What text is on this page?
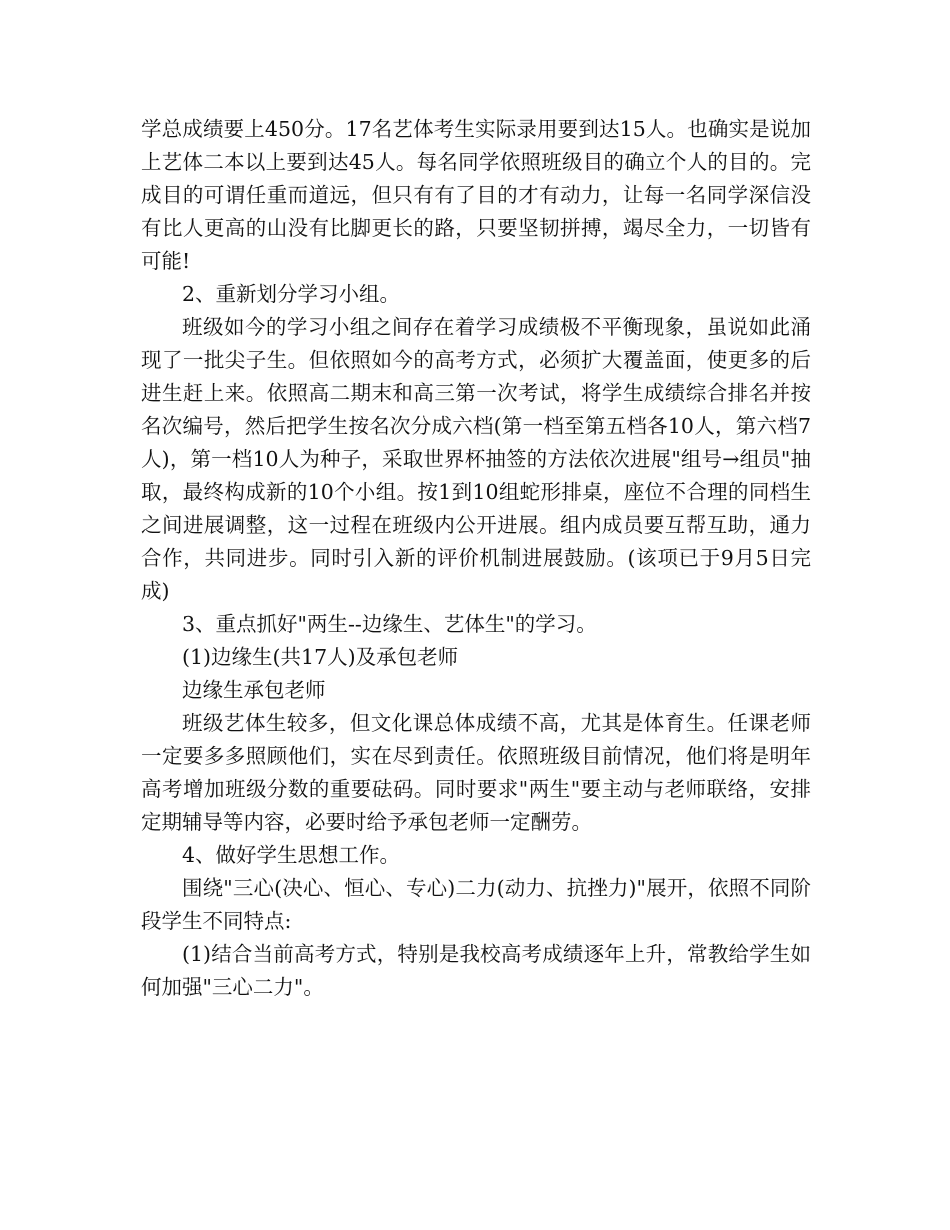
学总成绩要上450分。17名艺体考生实际录用要到达15人。也确实是说加上艺体二本以上要到达45人。每名同学依照班级目的确立个人的目的。完成目的可谓任重而道远，但只有有了目的才有动力，让每一名同学深信没有比人更高的山没有比脚更长的路，只要坚韧拼搏，竭尽全力，一切皆有可能!

2、重新划分学习小组。

班级如今的学习小组之间存在着学习成绩极不平衡现象，虽说如此涌现了一批尖子生。但依照如今的高考方式，必须扩大覆盖面，使更多的后进生赶上来。依照高二期末和高三第一次考试，将学生成绩综合排名并按名次编号，然后把学生按名次分成六档(第一档至第五档各10人，第六档7人)，第一档10人为种子，采取世界杯抽签的方法依次进展"组号→组员"抽取，最终构成新的10个小组。按1到10组蛇形排桌，座位不合理的同档生之间进展调整，这一过程在班级内公开进展。组内成员要互帮互助，通力合作，共同进步。同时引入新的评价机制进展鼓励。(该项已于9月5日完成)

3、重点抓好"两生--边缘生、艺体生"的学习。

(1)边缘生(共17人)及承包老师

边缘生承包老师

班级艺体生较多，但文化课总体成绩不高，尤其是体育生。任课老师一定要多多照顾他们，实在尽到责任。依照班级目前情况，他们将是明年高考增加班级分数的重要砝码。同时要求"两生"要主动与老师联络，安排定期辅导等内容，必要时给予承包老师一定酬劳。

4、做好学生思想工作。

围绕"三心(决心、恒心、专心)二力(动力、抗挫力)"展开，依照不同阶段学生不同特点:

(1)结合当前高考方式，特别是我校高考成绩逐年上升，常教给学生如何加强"三心二力"。
